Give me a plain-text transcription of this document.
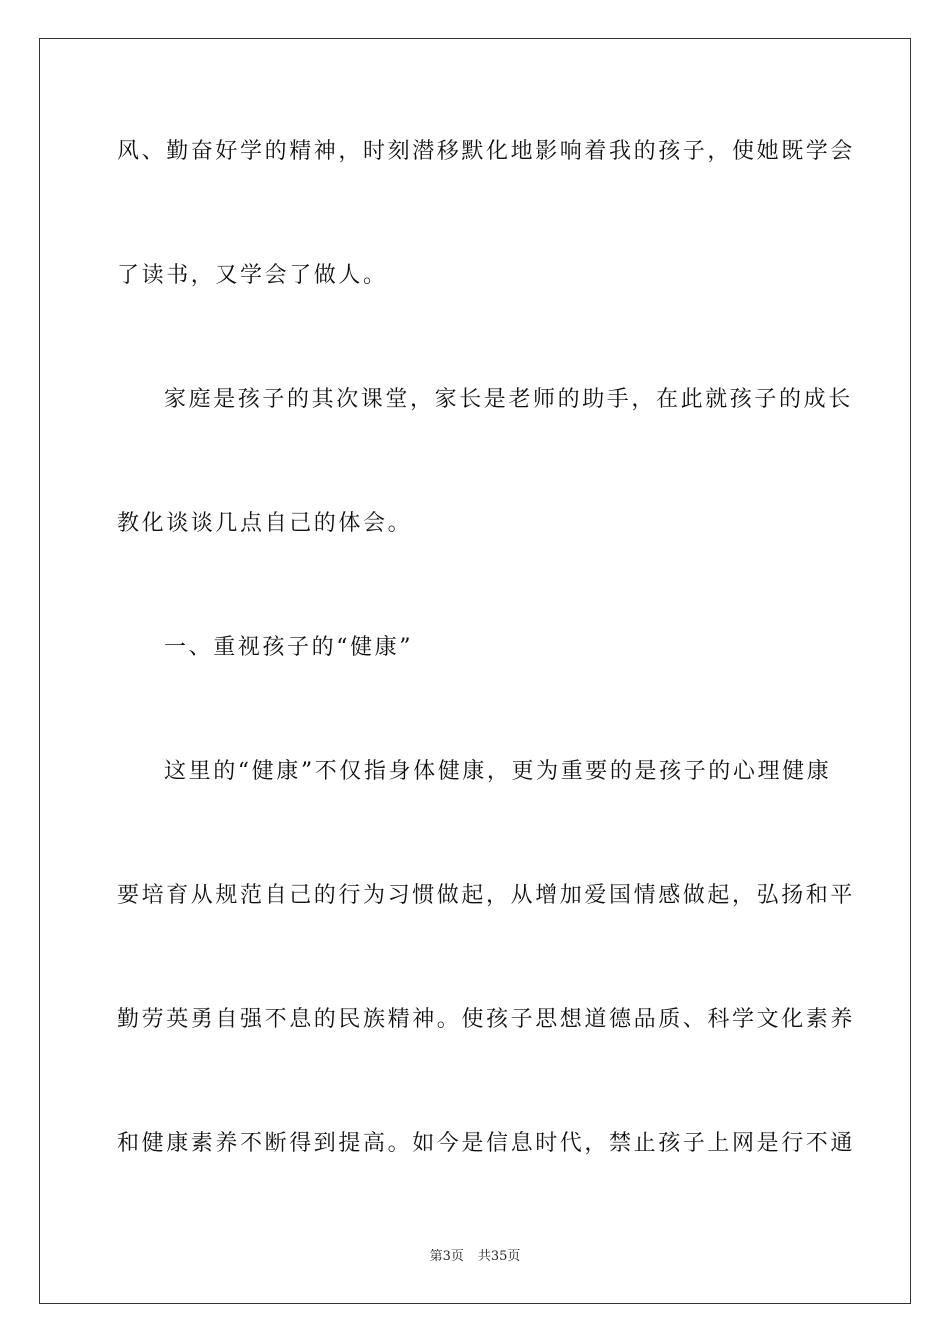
风、勤奋好学的精神，时刻潜移默化地影响着我的孩子，使她既学会
了读书，又学会了做人。
家庭是孩子的其次课堂，家长是老师的助手，在此就孩子的成长
教化谈谈几点自己的体会。
一、重视孩子的“健康”
这里的“健康”不仅指身体健康，更为重要的是孩子的心理健康
要培育从规范自己的行为习惯做起，从增加爱国情感做起，弘扬和平
勤劳英勇自强不息的民族精神。使孩子思想道德品质、科学文化素养
和健康素养不断得到提高。如今是信息时代，禁止孩子上网是行不通
第3页 共35页
